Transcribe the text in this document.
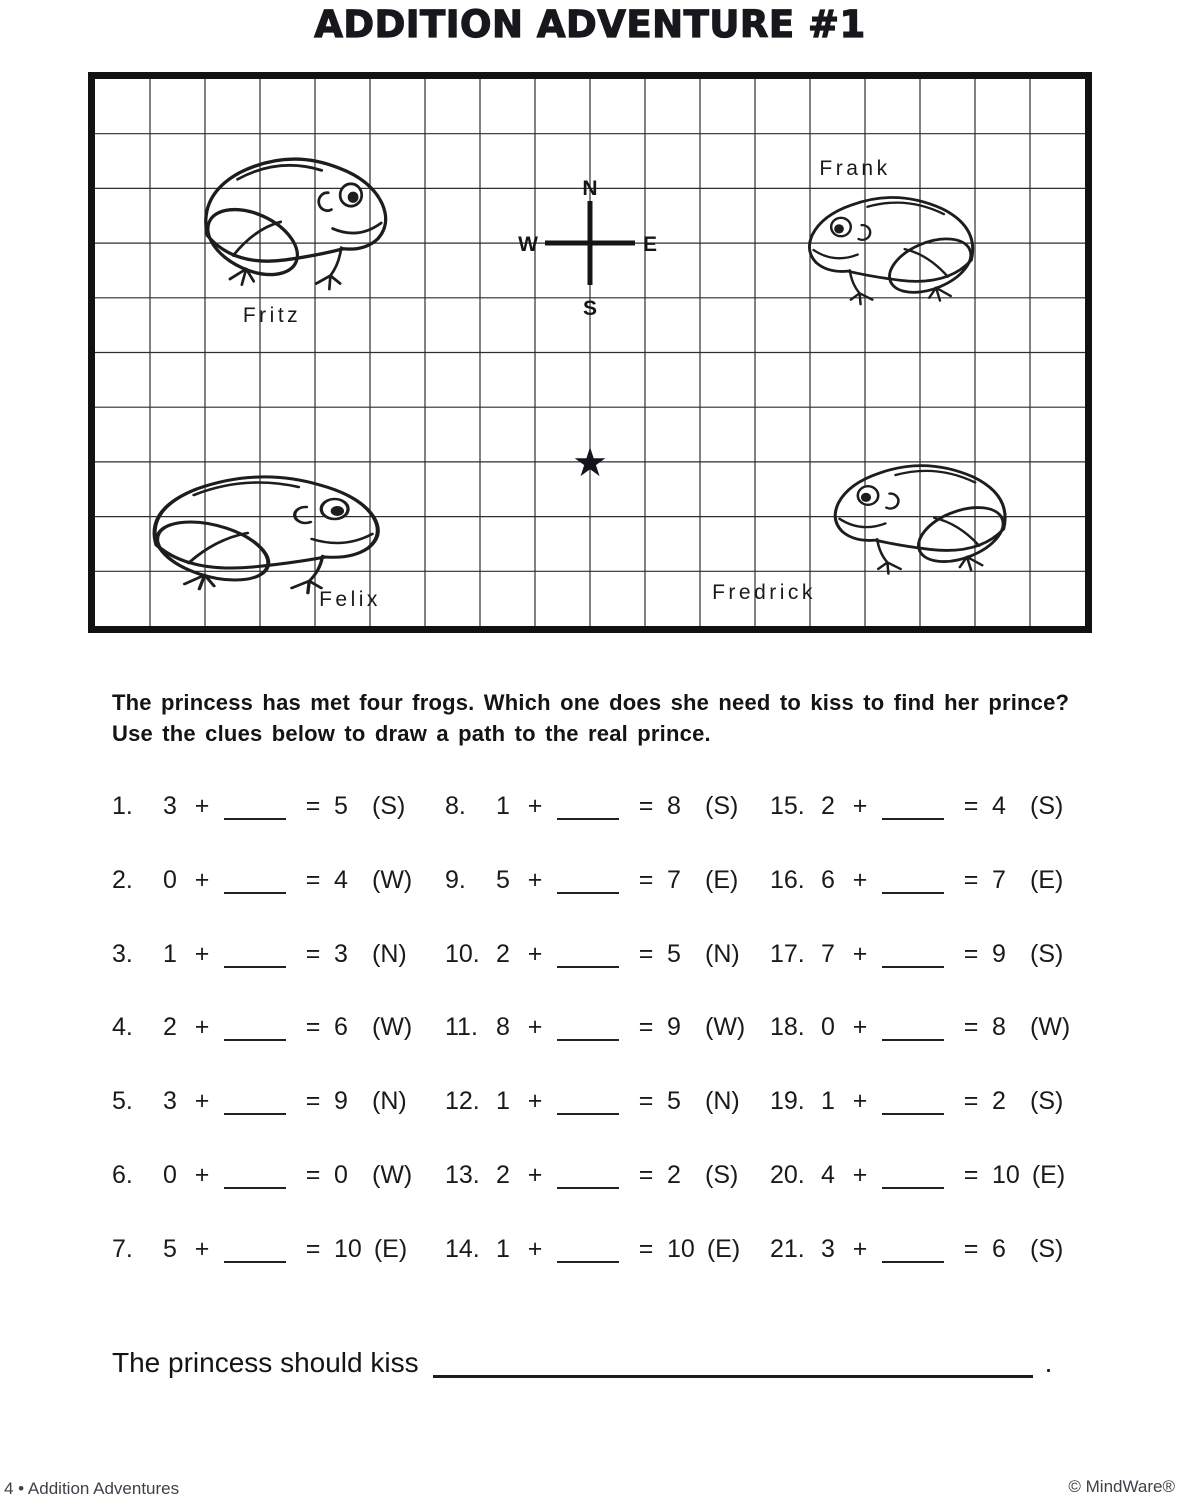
ADDITION ADVENTURE #1
N
S
W	E
★
Fritz
Frank
Felix	Fredrick
The princess has met four frogs. Which one does she need to kiss to find her prince? Use the clues below to draw a path to the real prince.
1.	3 +	= 5 (S)
2.	0 +	= 4 (W)
3.	1 +	= 3 (N)
4.	2 +	= 6 (W)
5.	3 +	= 9 (N)
6.	0 +	= 0 (W)
7.	5 +	= 10 (E)
8.	1 +	= 8 (S)
9.	5 +	= 7 (E)
10. 2 +	= 5 (N)
11. 8 +	= 9 (W)
12. 1 +	= 5 (N)
13. 2 +	= 2 (S)
14. 1 +	= 10 (E)
15. 2 +	= 4 (S)
16. 6 +	= 7 (E)
17. 7 +	= 9 (S)
18. 0 +	= 8 (W)
19. 1 +	= 2 (S)
20. 4 +	= 10 (E)
21. 3 +	= 6 (S)
The princess should kiss	.
4 • Addition Adventures	© MindWare®
